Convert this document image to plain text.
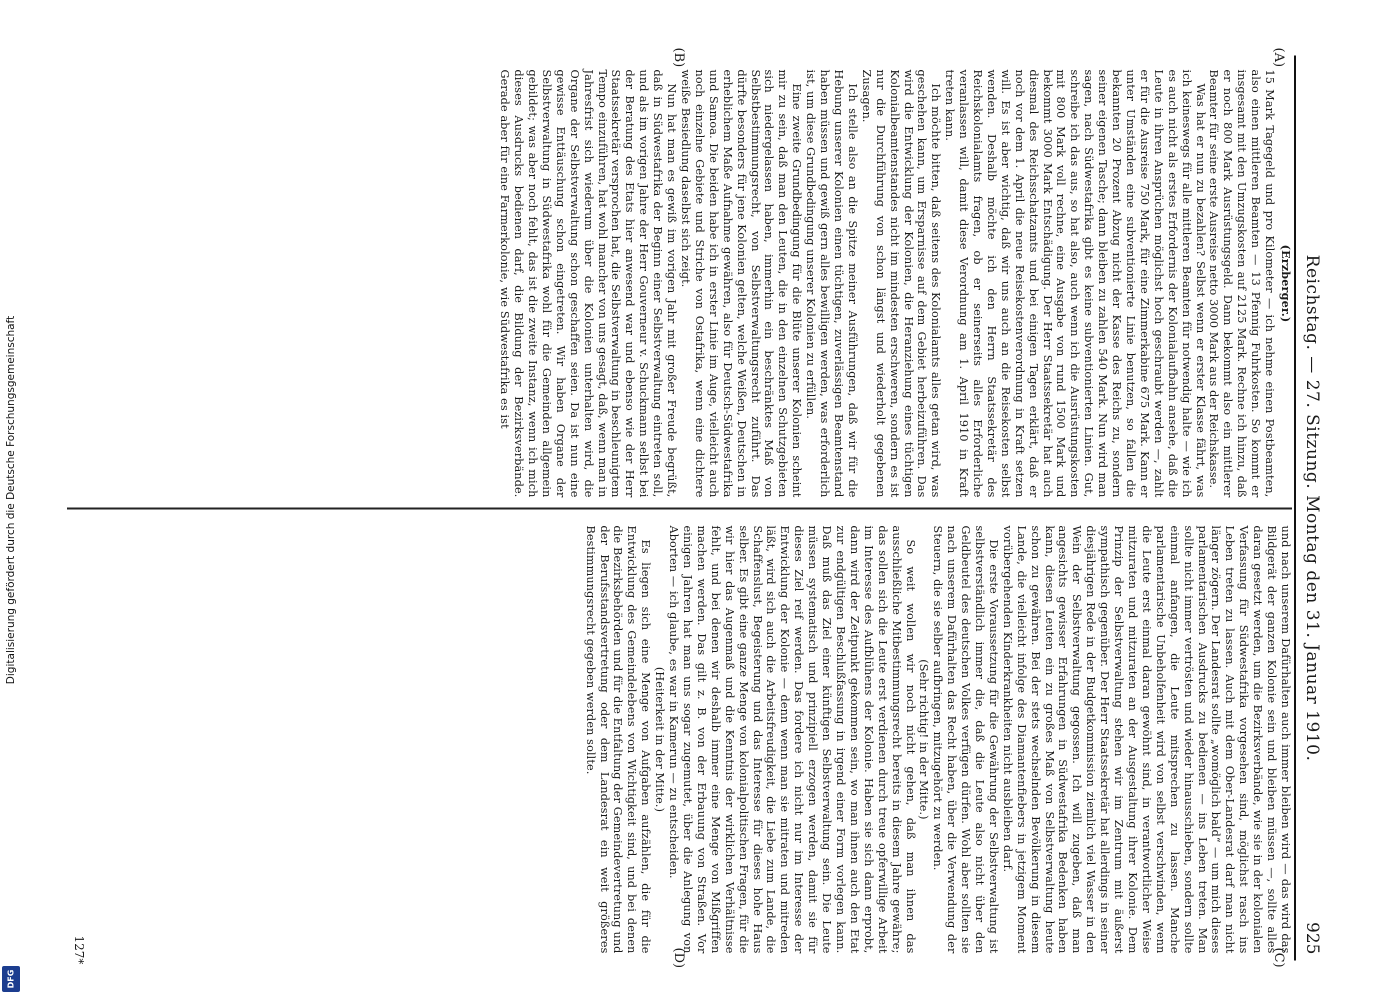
Digitalisierung gefördert durch die Deutsche Forschungsgemeinschaft
DFG
Reichstag. — 27. Sitzung. Montag den 31. Januar 1910.
925
(A)
(B)
(C)
(D)
(Erzberger.)

15 Mark Tagegeld und pro Kilometer — ich nehme einen Postbeamten, also einen mittleren Beamten — 13 Pfennig Fuhrkosten. So kommt er insgesamt mit den Umzugskosten auf 2125 Mark. Rechne ich hinzu, daß er noch 800 Mark Ausrüstungsgeld. Dann bekommt also ein mittlerer Beamter für seine erste Ausreise netto 3000 Mark aus der Reichskasse.

Was hat er nun zu bezahlen? Selbst wenn er erster Klasse fährt, was ich keineswegs für alle mittleren Beamten für notwendig halte — wie ich es auch nicht als erstes Erfordernis der Kolonialaufbahn ansehe, daß die Leute in ihren Ansprüchen möglichst hoch geschraubt werden —, zahlt er für die Ausreise 750 Mark, für eine Zimmerkabine 675 Mark. Kann er unter Umständen eine subventionierte Linie benutzen, so fallen die bekannten 20 Prozent Abzug nicht der Kasse des Reichs zu, sondern seiner eigenen Tasche; dann bleiben zu zahlen 540 Mark. Nun wird man sagen, nach Südwestafrika gibt es keine subventionierten Linien. Gut, schreibe ich das aus, so hat also, auch wenn ich die Ausrüstungskosten mit 800 Mark voll rechne, eine Ausgabe von rund 1500 Mark und bekommt 3000 Mark Entschädigung. Der Herr Staatssekretär hat auch diesmal des Reichsschatzamts und bei einigen Tagen erklärt, daß er noch vor dem 1. April die neue Reisekostenverordnung in Kraft setzen will. Es ist aber wichtig, daß wir uns auch an die Reisekosten selbst wenden. Deshalb möchte ich den Herrn Staatssekretär des Reichskolonialamts fragen, ob er seinerseits alles Erforderliche veranlassen will, damit diese Verordnung am 1. April 1910 in Kraft treten kann.

Ich möchte bitten, daß seitens des Kolonialamts alles getan wird, was geschehen kann, um Ersparnisse auf dem Gebiet herbeizuführen. Das wird die Entwicklung der Kolonien, die Heranziehung eines tüchtigen Kolonialbeamtenstandes nicht im mindesten erschweren, sondern es ist nur die Durchführung von schon längst und wiederholt gegebenen Zusagen.

Ich stelle also an die Spitze meiner Ausführungen, daß wir für die Hebung unserer Kolonien einen tüchtigen, zuverlässigen Beamtenstand haben müssen und gewiß gern alles bewilligen werden, was erforderlich ist, um diese Grundbedingung unserer Kolonien zu erfüllen.

Eine zweite Grundbedingung für die Blüte unserer Kolonien scheint mir zu sein, daß man den Leuten, die in den einzelnen Schutzgebieten sich niedergelassen haben, immerhin ein beschränktes Maß von Selbstbestimmungsrecht, von Selbstverwaltungsrecht zuführt. Das dürfte besonders für jene Kolonien gelten, welche Weißen, Deutschen in erheblichem Maße Aufnahme gewähren, also für Deutsch-Südwestafrika und Samoa. Die beiden habe ich in erster Linie im Auge, vielleicht auch noch einzelne Gebiete und Striche von Ostafrika, wenn eine dichtere weiße Besiedlung daselbst sich zeigt.

Nun hat man es gewiß im vorigen Jahr mit großer Freude begrüßt, daß in Südwestafrika der Beginn einer Selbstverwaltung eintreten soll, und als im vorigen Jahre der Herr Gouverneur v. Schuckmann selbst bei der Beratung des Etats hier anwesend war und ebenso wie der Herr Staatssekretär versprochen hat, die Selbstverwaltung in beschleunigtem Tempo einzuführen, hat wohl mancher von uns gesagt, daß, wenn man in Jahresfrist sich wiederum über die Kolonien unterhalten wird, die Organe der Selbstverwaltung schon geschaffen seien. Da ist nun eine gewisse Enttäuschung schon eingetreten. Wir haben Organe der Selbstverwaltung in Südwestafrika wohl für die Gemeinden allgemein gebildet; was aber noch fehlt, das ist die zweite Instanz, wenn ich mich dieses Ausdrucks bedienen darf, die Bildung der Bezirksverbände. Gerade aber für eine Farmerkolonie, wie Südwestafrika es ist

und nach unserem Dafürhalten auch immer bleiben wird — das wird das Bildgerät der ganzen Kolonie sein und bleiben müssen —, sollte alles daran gesetzt werden, um die Bezirksverbände, wie sie in der kolonialen Verfassung für Südwestafrika vorgesehen sind, möglichst rasch ins Leben treten zu lassen. Auch mit dem Ober-Landesrat darf man nicht länger zögern. Der Landesrat sollte „womöglich bald“ — um mich dieses parlamentarischen Ausdrucks zu bedienen — ins Leben treten. Man sollte nicht immer vertrösten und wieder hinausschieben, sondern sollte einmal anfangen, die Leute mitsprechen zu lassen. Manche parlamentarische Unbeholfenheit wird von selbst verschwinden, wenn die Leute erst einmal daran gewöhnt sind, in verantwortlicher Weise mitzuraten und mitzuraten an der Ausgestaltung ihrer Kolonie. Dem Prinzip der Selbstverwaltung stehen wir im Zentrum mit äußerst sympathisch gegenüber. Der Herr Staatssekretär hat allerdings in seiner diesjährigen Rede in der Budgetkommission ziemlich viel Wasser in den Wein der Selbstverwaltung gegossen. Ich will zugeben, daß man angesichts gewisser Erfahrungen in Südwestafrika Bedenken haben kann, diesen Leuten ein zu großes Maß von Selbstverwaltung heute schon zu gewähren. Bei der stets wechselnden Bevölkerung in diesem Lande, die vielleicht infolge des Diamantenfiebers in jetzigem Moment vorübergehenden Kinderkrankheiten nicht ausbleiben darf.

Die erste Voraussetzung für die Gewährung der Selbstverwaltung ist selbstverständlich immer die, daß die Leute also nicht über den Geldbeutel des deutschen Volkes verfügen dürfen. Wohl aber sollten sie nach unserem Dafürhalten das Recht haben, über die Verwendung der Steuern, die sie selber aufbringen, mitzugehört zu werden.

(Sehr richtig! in der Mitte.)

So weit wollen wir noch nicht gehen, daß man ihnen das ausschließliche Mitbestimmungsrecht bereits in diesem Jahre gewähre; das sollen sich die Leute erst verdienen durch treue opferwillige Arbeit im Interesse des Aufblühens der Kolonie. Haben sie sich dann erprobt, dann wird der Zeitpunkt gekommen sein, wo man ihnen auch den Etat zur endgültigen Beschlußfassung in irgend einer Form vorlegen kann. Daß muß das Ziel einer künftigen Selbstverwaltung sein. Die Leute müssen systematisch und prinzipiell erzogen werden, damit sie für dieses Ziel reif werden. Das fordere ich nicht nur im Interesse der Entwicklung der Kolonie — denn wenn man sie mitraten und mitreden läßt, wird sich auch die Arbeitsfreudigkeit, die Liebe zum Lande, die Schaffenslust, Begeisterung und das Interesse für dieses hohe Haus selber. Es gibt eine ganze Menge von kolonialpolitischen Fragen, für die wir hier das Augenmaß und die Kenntnis der wirklichen Verhältnisse fehlt, und bei denen wir deshalb immer eine Menge von Mißgriffen machen werden. Das gilt z. B. von der Erbauung von Straßen. Vor einigen Jahren hat man uns sogar zugemutet, über die Anlegung von Aborten — ich glaube, es war in Kamerun — zu entscheiden.

(Heiterkeit in der Mitte.)

Es liegen sich eine Menge von Aufgaben aufzählen, die für die Entwicklung des Gemeindelebens von Wichtigkeit sind, und bei denen die Bezirksbehörden und für die Entfaltung der Gemeindevertretung und der Berufsstandsvertretung oder dem Landesrat ein weit größeres Bestimmungsrecht gegeben werden sollte.

127*
